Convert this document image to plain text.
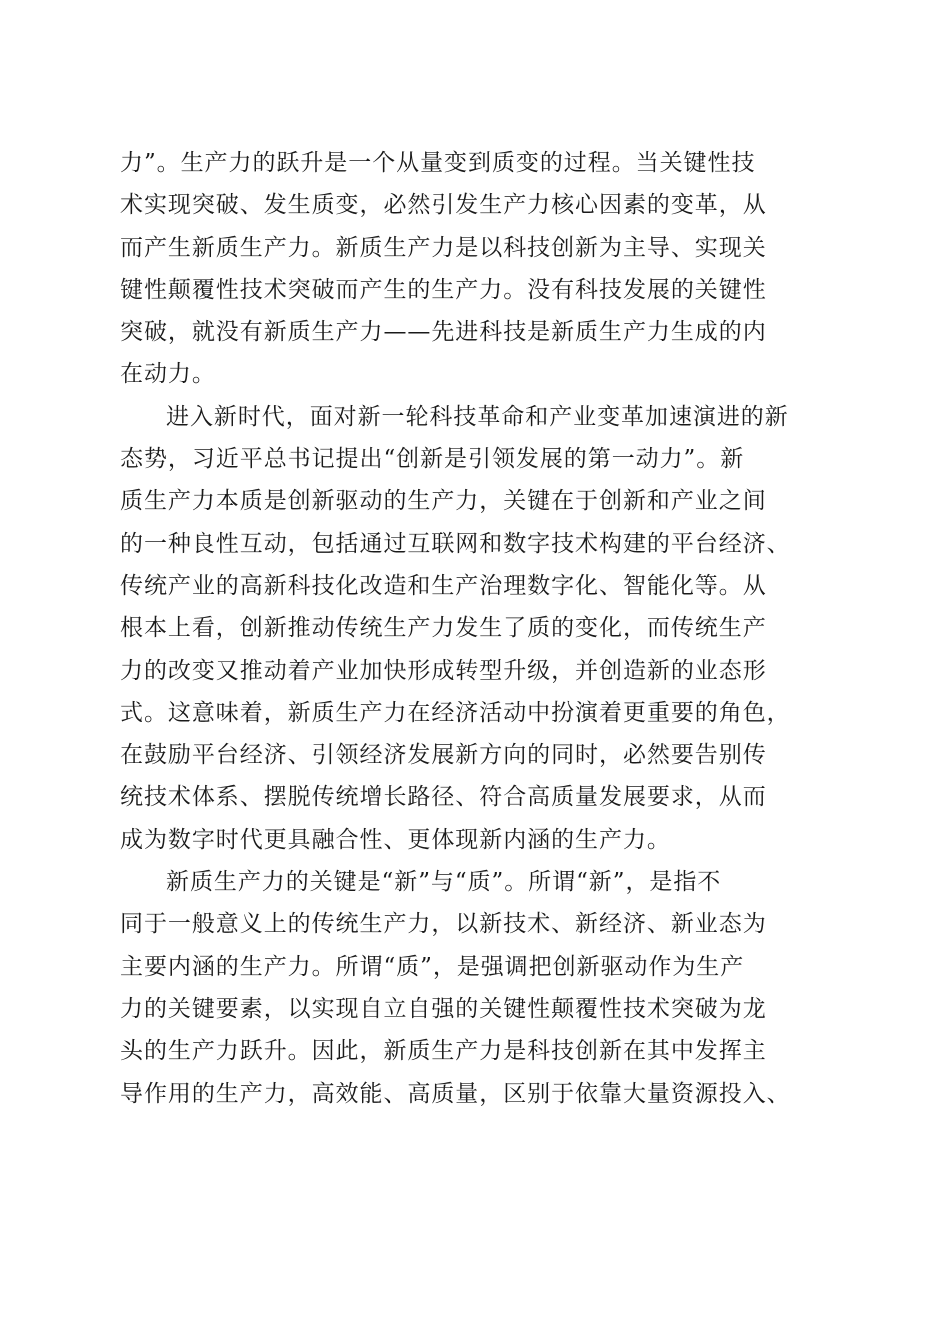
力”。生产力的跃升是一个从量变到质变的过程。当关键性技
术实现突破、发生质变，必然引发生产力核心因素的变革，从
而产生新质生产力。新质生产力是以科技创新为主导、实现关
键性颠覆性技术突破而产生的生产力。没有科技发展的关键性
突破，就没有新质生产力——先进科技是新质生产力生成的内
在动力。
进入新时代，面对新一轮科技革命和产业变革加速演进的新
态势，习近平总书记提出“创新是引领发展的第一动力”。新
质生产力本质是创新驱动的生产力，关键在于创新和产业之间
的一种良性互动，包括通过互联网和数字技术构建的平台经济、
传统产业的高新科技化改造和生产治理数字化、智能化等。从
根本上看，创新推动传统生产力发生了质的变化，而传统生产
力的改变又推动着产业加快形成转型升级，并创造新的业态形
式。这意味着，新质生产力在经济活动中扮演着更重要的角色，
在鼓励平台经济、引领经济发展新方向的同时，必然要告别传
统技术体系、摆脱传统增长路径、符合高质量发展要求，从而
成为数字时代更具融合性、更体现新内涵的生产力。
新质生产力的关键是“新”与“质”。所谓“新”，是指不
同于一般意义上的传统生产力，以新技术、新经济、新业态为
主要内涵的生产力。所谓“质”，是强调把创新驱动作为生产
力的关键要素，以实现自立自强的关键性颠覆性技术突破为龙
头的生产力跃升。因此，新质生产力是科技创新在其中发挥主
导作用的生产力，高效能、高质量，区别于依靠大量资源投入、
